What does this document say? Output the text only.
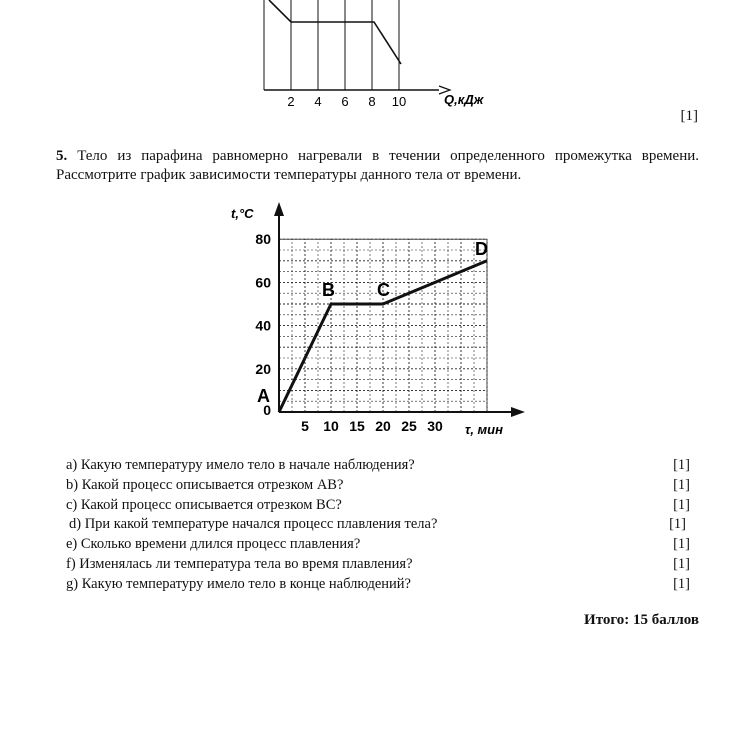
2 4 6 8 10	Q,кДж
[1]
5. Тело из парафина равномерно нагревали в течении определенного промежутка времени. Рассмотрите график зависимости температуры данного тела от времени.
5 10 15 20 25 30
0
20
40
60
80
τ, мин
t,°C
A
B C
D
a) Какую температуру имело тело в начале наблюдения?	[1]
b) Какой процесс описывается отрезком AB?	[1]
c) Какой процесс описывается отрезком BC?	[1]
d) При какой температуре начался процесс плавления тела?	[1]
e) Сколько времени длился процесс плавления?	[1]
f) Изменялась ли температура тела во время плавления?	[1]
g) Какую температуру имело тело в конце наблюдений?	[1]
Итого: 15 баллов
